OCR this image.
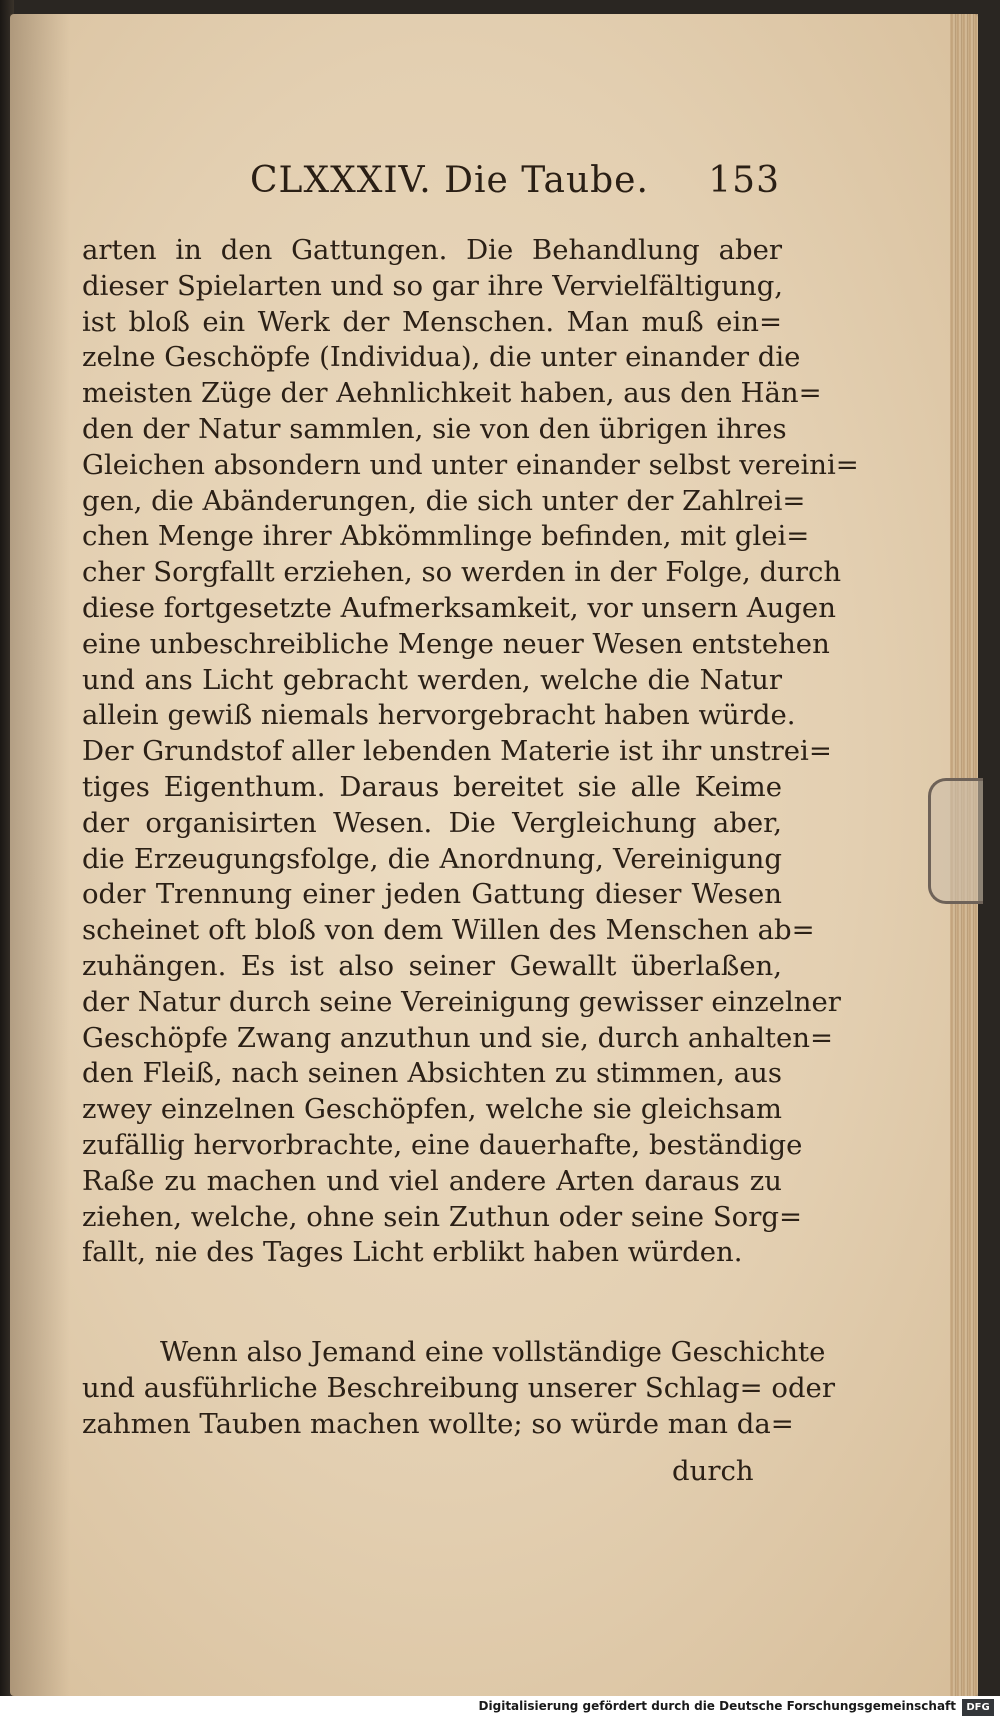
CLXXXIV. Die Taube. 153
arten in den Gattungen. Die Behandlung aber
dieser Spielarten und so gar ihre Vervielfältigung,
ist bloß ein Werk der Menschen. Man muß ein=
zelne Geschöpfe (Individua), die unter einander die
meisten Züge der Aehnlichkeit haben, aus den Hän=
den der Natur sammlen, sie von den übrigen ihres
Gleichen absondern und unter einander selbst vereini=
gen, die Abänderungen, die sich unter der Zahlrei=
chen Menge ihrer Abkömmlinge befinden, mit glei=
cher Sorgfallt erziehen, so werden in der Folge, durch
diese fortgesetzte Aufmerksamkeit, vor unsern Augen
eine unbeschreibliche Menge neuer Wesen entstehen
und ans Licht gebracht werden, welche die Natur
allein gewiß niemals hervorgebracht haben würde.
Der Grundstof aller lebenden Materie ist ihr unstrei=
tiges Eigenthum. Daraus bereitet sie alle Keime
der organisirten Wesen. Die Vergleichung aber,
die Erzeugungsfolge, die Anordnung, Vereinigung
oder Trennung einer jeden Gattung dieser Wesen
scheinet oft bloß von dem Willen des Menschen ab=
zuhängen. Es ist also seiner Gewallt überlaßen,
der Natur durch seine Vereinigung gewisser einzelner
Geschöpfe Zwang anzuthun und sie, durch anhalten=
den Fleiß, nach seinen Absichten zu stimmen, aus
zwey einzelnen Geschöpfen, welche sie gleichsam
zufällig hervorbrachte, eine dauerhafte, beständige
Raße zu machen und viel andere Arten daraus zu
ziehen, welche, ohne sein Zuthun oder seine Sorg=
fallt, nie des Tages Licht erblikt haben würden.
Wenn also Jemand eine vollständige Geschichte
und ausführliche Beschreibung unserer Schlag= oder
zahmen Tauben machen wollte; so würde man da=
durch
Digitalisierung gefördert durch die Deutsche Forschungsgemeinschaft	DFG
